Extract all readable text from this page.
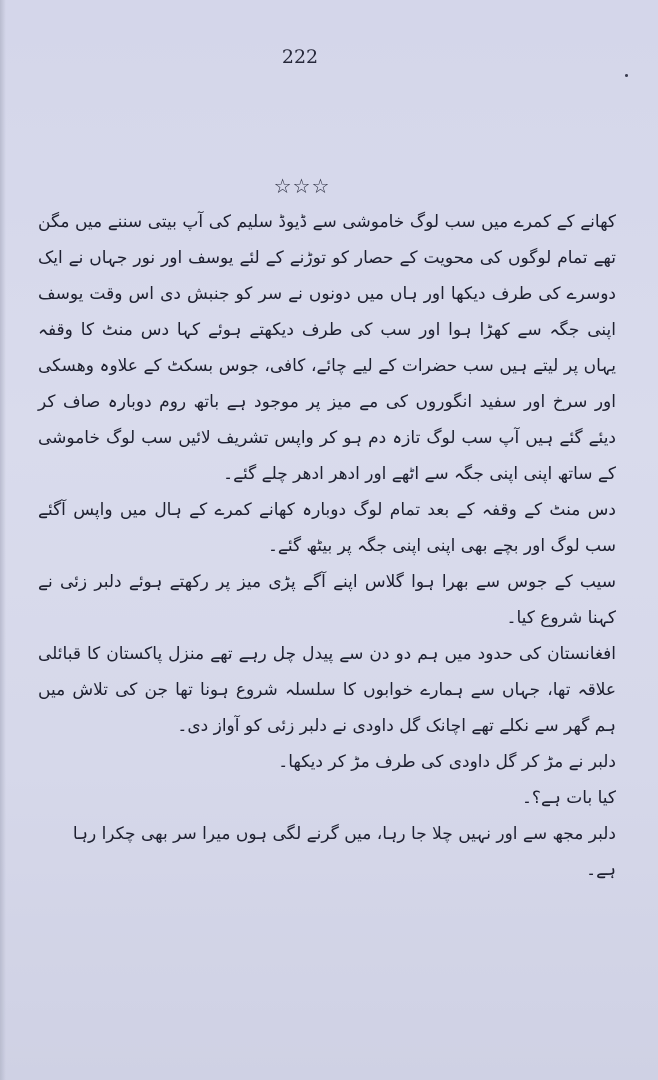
222
☆☆☆

کھانے کے کمرے میں سب لوگ خاموشی سے ڈیوڈ سلیم کی آپ بیتی سننے میں مگن تھے تمام لوگوں کی محویت کے حصار کو توڑنے کے لئے یوسف اور نور جہاں نے ایک دوسرے کی طرف دیکھا اور ہاں میں دونوں نے سر کو جنبش دی اس وقت یوسف اپنی جگہ سے کھڑا ہوا اور سب کی طرف دیکھتے ہوئے کہا دس منٹ کا وقفہ یہاں پر لیتے ہیں سب حضرات کے لیے چائے، کافی، جوس بسکٹ کے علاوہ وھسکی اور سرخ اور سفید انگوروں کی مے میز پر موجود ہے باتھ روم دوبارہ صاف کر دیئے گئے ہیں آپ سب لوگ تازہ دم ہو کر واپس تشریف لائیں سب لوگ خاموشی کے ساتھ اپنی اپنی جگہ سے اٹھے اور ادھر ادھر چلے گئے۔

دس منٹ کے وقفہ کے بعد تمام لوگ دوبارہ کھانے کمرے کے ہال میں واپس آگئے سب لوگ اور بچے بھی اپنی اپنی جگہ پر بیٹھ گئے۔

سیب کے جوس سے بھرا ہوا گلاس اپنے آگے پڑی میز پر رکھتے ہوئے دلبر زئی نے کہنا شروع کیا۔

افغانستان کی حدود میں ہم دو دن سے پیدل چل رہے تھے منزل پاکستان کا قبائلی علاقہ تھا، جہاں سے ہمارے خوابوں کا سلسلہ شروع ہونا تھا جن کی تلاش میں ہم گھر سے نکلے تھے اچانک گل داودی نے دلبر زئی کو آواز دی۔

دلبر نے مڑ کر گل داودی کی طرف مڑ کر دیکھا۔

کیا بات ہے؟۔

دلبر مجھ سے اور نہیں چلا جا رہا، میں گرنے لگی ہوں میرا سر بھی چکرا رہا ہے۔
